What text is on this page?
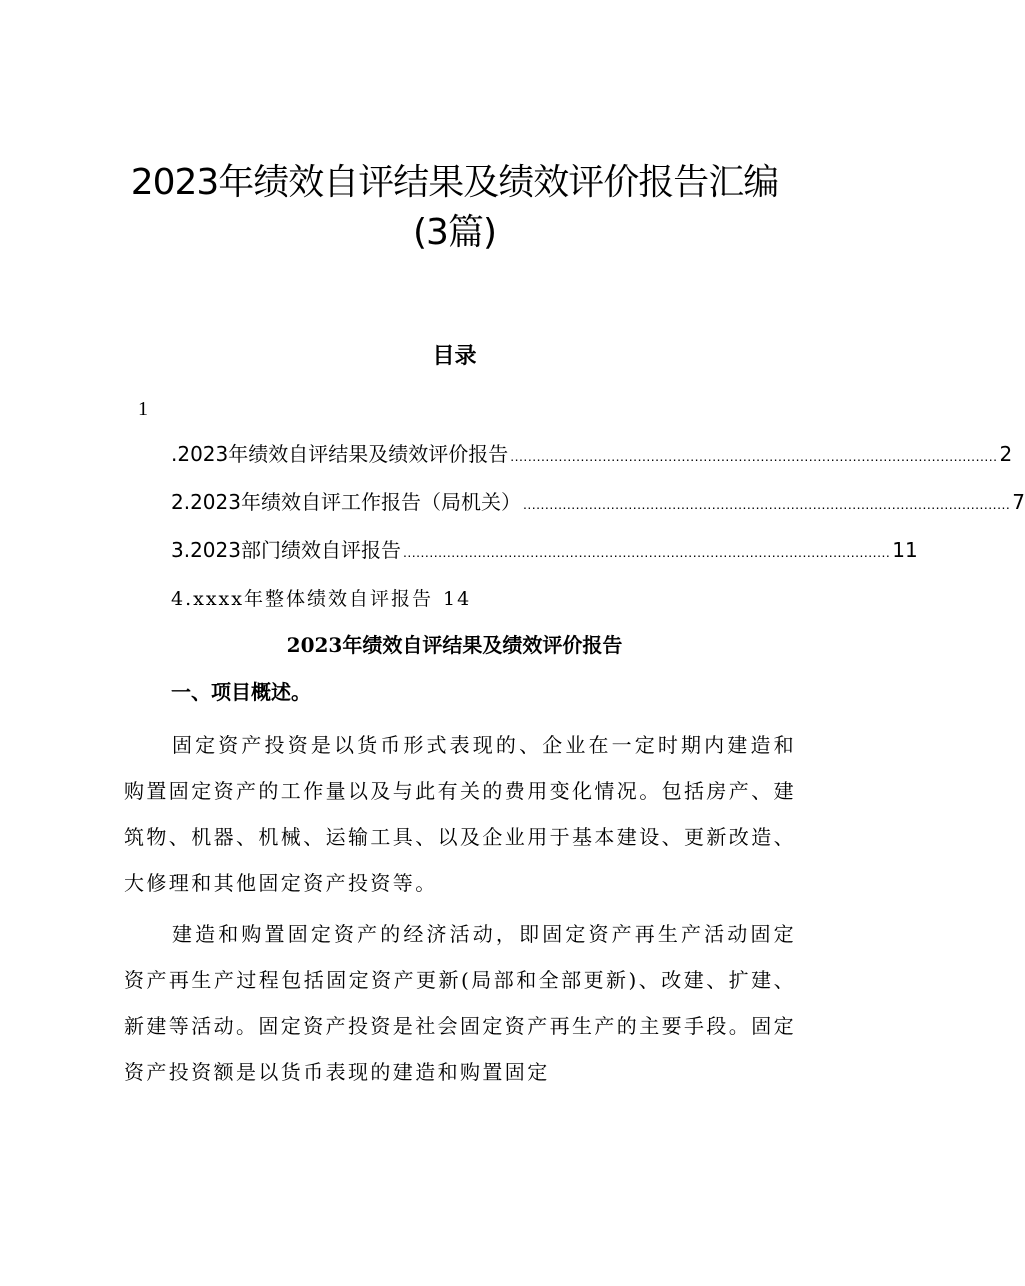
2023年绩效自评结果及绩效评价报告汇编
(3篇)
目录
1
.2023年绩效自评结果及绩效评价报告 ............................................................................................................... 2
2.2023年绩效自评工作报告（局机关） ............................................................................................................... 7
3.2023部门绩效自评报告 ............................................................................................................... 11
4.xxxx年整体绩效自评报告 14
2023年绩效自评结果及绩效评价报告
一、项目概述。

固定资产投资是以货币形式表现的、企业在一定时期内建造和购置固定资产的工作量以及与此有关的费用变化情况。包括房产、建筑物、机器、机械、运输工具、以及企业用于基本建设、更新改造、大修理和其他固定资产投资等。

建造和购置固定资产的经济活动，即固定资产再生产活动固定资产再生产过程包括固定资产更新(局部和全部更新)、改建、扩建、新建等活动。固定资产投资是社会固定资产再生产的主要手段。固定资产投资额是以货币表现的建造和购置固定
